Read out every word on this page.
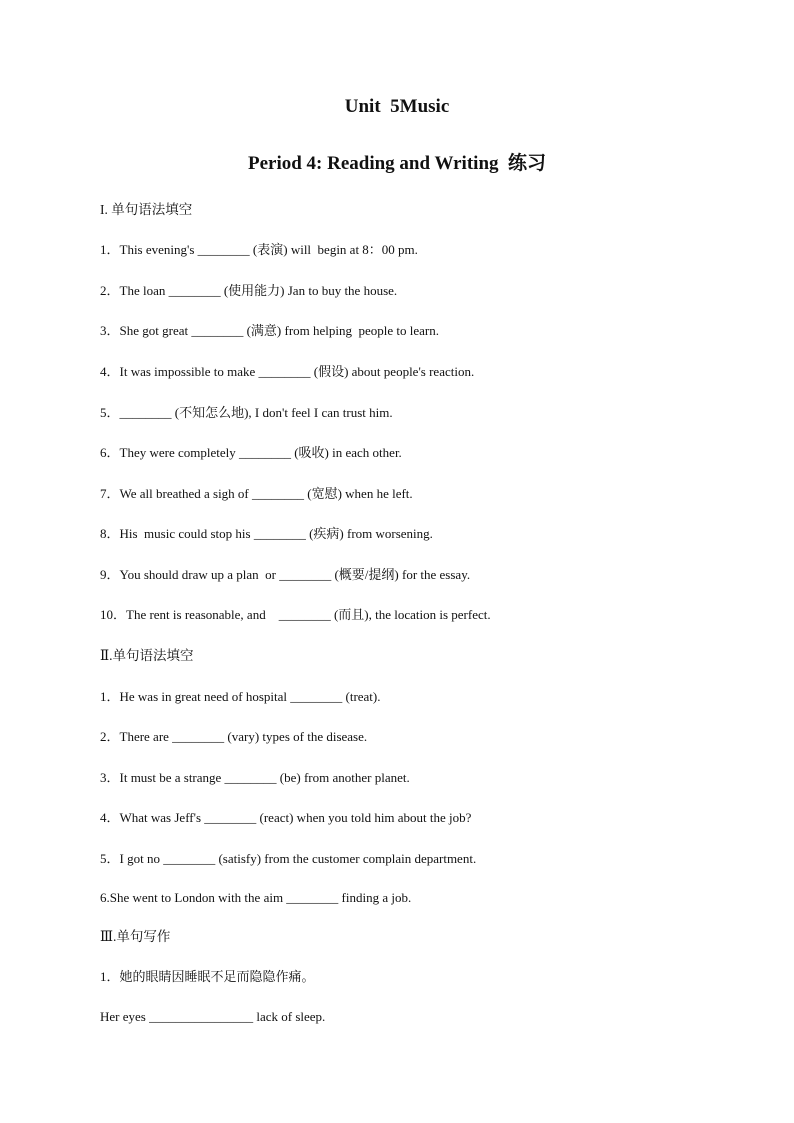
Unit  5Music
Period 4: Reading and Writing  练习
I. 单句语法填空
1．This evening's ________ (表演) will  begin at 8：00 pm.
2．The loan ________ (使用能力) Jan to buy the house.
3．She got great ________ (满意) from helping  people to learn.
4．It was impossible to make ________ (假设) about people's reaction.
5．________ (不知怎么地), I don't feel I can trust him.
6．They were completely ________ (吸收) in each other.
7．We all breathed a sigh of ________ (宽慰) when he left.
8．His  music could stop his ________ (疾病) from worsening.
9．You should draw up a plan  or ________ (概要/提纲) for the essay.
10．The rent is reasonable, and    ________ (而且), the location is perfect.
Ⅱ.单句语法填空
1．He was in great need of hospital ________ (treat).
2．There are ________ (vary) types of the disease.
3．It must be a strange ________ (be) from another planet.
4．What was Jeff's ________ (react) when you told him about the job?
5．I got no ________ (satisfy) from the customer complain department.
6.She went to London with the aim ________ finding a job.
Ⅲ.单句写作
1．她的眼睛因睡眠不足而隐隐作痛。
Her eyes ________________ lack of sleep.
